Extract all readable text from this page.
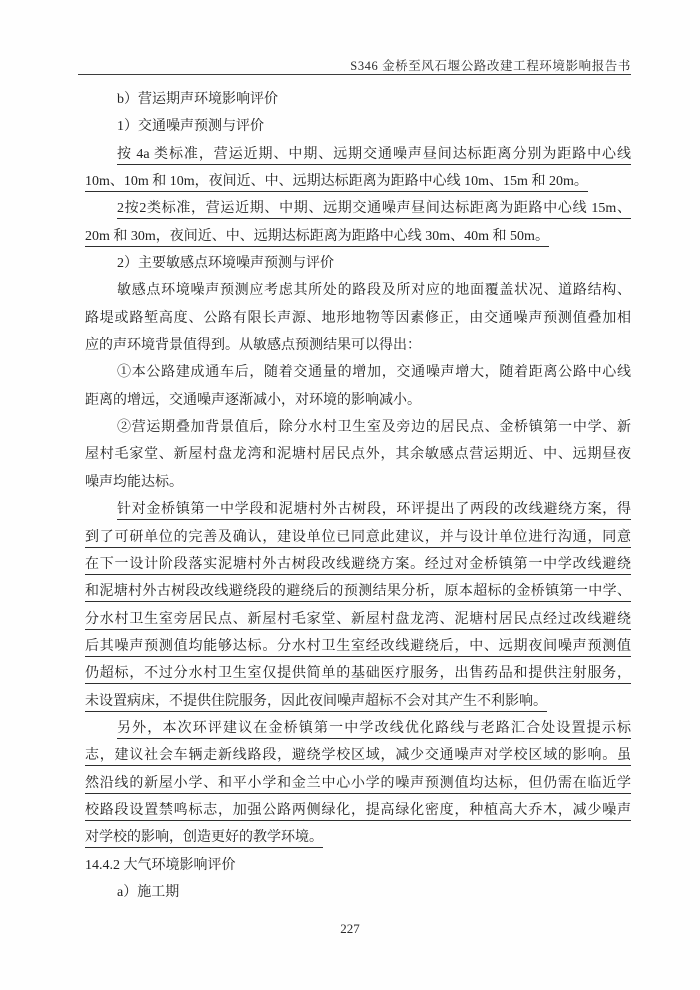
S346 金桥至风石堰公路改建工程环境影响报告书
b）营运期声环境影响评价
1）交通噪声预测与评价
按 4a 类标准，营运近期、中期、远期交通噪声昼间达标距离分别为距路中心线
10m、10m 和 10m，夜间近、中、远期达标距离为距路中心线 10m、15m 和 20m。
2按2类标准，营运近期、中期、远期交通噪声昼间达标距离为距路中心线 15m、
20m 和 30m，夜间近、中、远期达标距离为距路中心线 30m、40m 和 50m。
2）主要敏感点环境噪声预测与评价
敏感点环境噪声预测应考虑其所处的路段及所对应的地面覆盖状况、道路结构、
路堤或路堑高度、公路有限长声源、地形地物等因素修正，由交通噪声预测值叠加相
应的声环境背景值得到。从敏感点预测结果可以得出：
①本公路建成通车后，随着交通量的增加，交通噪声增大，随着距离公路中心线
距离的增远，交通噪声逐渐减小，对环境的影响减小。
②营运期叠加背景值后，除分水村卫生室及旁边的居民点、金桥镇第一中学、新
屋村毛家堂、新屋村盘龙湾和泥塘村居民点外，其余敏感点营运期近、中、远期昼夜
噪声均能达标。
针对金桥镇第一中学段和泥塘村外古树段，环评提出了两段的改线避绕方案，得
到了可研单位的完善及确认，建设单位已同意此建议，并与设计单位进行沟通，同意
在下一设计阶段落实泥塘村外古树段改线避绕方案。经过对金桥镇第一中学改线避绕
和泥塘村外古树段改线避绕段的避绕后的预测结果分析，原本超标的金桥镇第一中学、
分水村卫生室旁居民点、新屋村毛家堂、新屋村盘龙湾、泥塘村居民点经过改线避绕
后其噪声预测值均能够达标。分水村卫生室经改线避绕后，中、远期夜间噪声预测值
仍超标，不过分水村卫生室仅提供简单的基础医疗服务，出售药品和提供注射服务，
未设置病床，不提供住院服务，因此夜间噪声超标不会对其产生不利影响。
另外，本次环评建议在金桥镇第一中学改线优化路线与老路汇合处设置提示标
志，建议社会车辆走新线路段，避绕学校区域，减少交通噪声对学校区域的影响。虽
然沿线的新屋小学、和平小学和金兰中心小学的噪声预测值均达标，但仍需在临近学
校路段设置禁鸣标志，加强公路两侧绿化，提高绿化密度，种植高大乔木，减少噪声
对学校的影响，创造更好的教学环境。
14.4.2 大气环境影响评价
a）施工期
227
